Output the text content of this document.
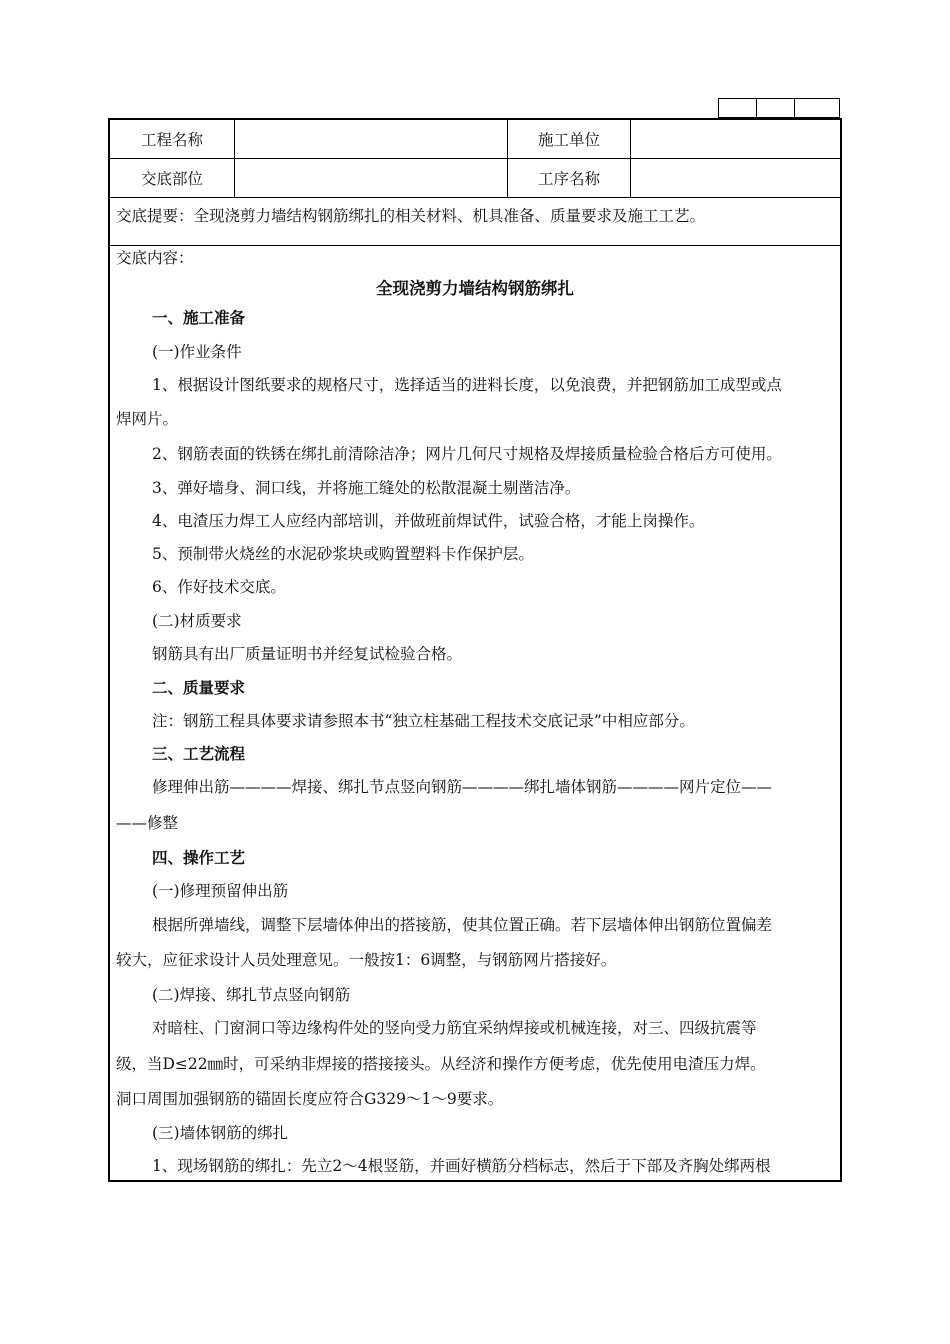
工程名称	施工单位
交底部位	工序名称
交底提要：全现浇剪力墙结构钢筋绑扎的相关材料、机具准备、质量要求及施工工艺。
交底内容：
全现浇剪力墙结构钢筋绑扎
一、施工准备
(一)作业条件
1、根据设计图纸要求的规格尺寸，选择适当的进料长度，以免浪费，并把钢筋加工成型或点
焊网片。
2、钢筋表面的铁锈在绑扎前清除洁净；网片几何尺寸规格及焊接质量检验合格后方可使用。
3、弹好墙身、洞口线，并将施工缝处的松散混凝土剔凿洁净。
4、电渣压力焊工人应经内部培训，并做班前焊试件，试验合格，才能上岗操作。
5、预制带火烧丝的水泥砂浆块或购置塑料卡作保护层。
6、作好技术交底。
(二)材质要求
钢筋具有出厂质量证明书并经复试检验合格。
二、质量要求
注：钢筋工程具体要求请参照本书“独立柱基础工程技术交底记录”中相应部分。
三、工艺流程
修理伸出筋————焊接、绑扎节点竖向钢筋————绑扎墙体钢筋————网片定位——
——修整
四、操作工艺
(一)修理预留伸出筋
根据所弹墙线，调整下层墙体伸出的搭接筋，使其位置正确。若下层墙体伸出钢筋位置偏差
较大，应征求设计人员处理意见。一般按1：6调整，与钢筋网片搭接好。
(二)焊接、绑扎节点竖向钢筋
对暗柱、门窗洞口等边缘构件处的竖向受力筋宜采纳焊接或机械连接，对三、四级抗震等
级，当D≤22㎜时，可采纳非焊接的搭接接头。从经济和操作方便考虑，优先使用电渣压力焊。
洞口周围加强钢筋的锚固长度应符合G329～1～9要求。
(三)墙体钢筋的绑扎
1、现场钢筋的绑扎：先立2～4根竖筋，并画好横筋分档标志，然后于下部及齐胸处绑两根
